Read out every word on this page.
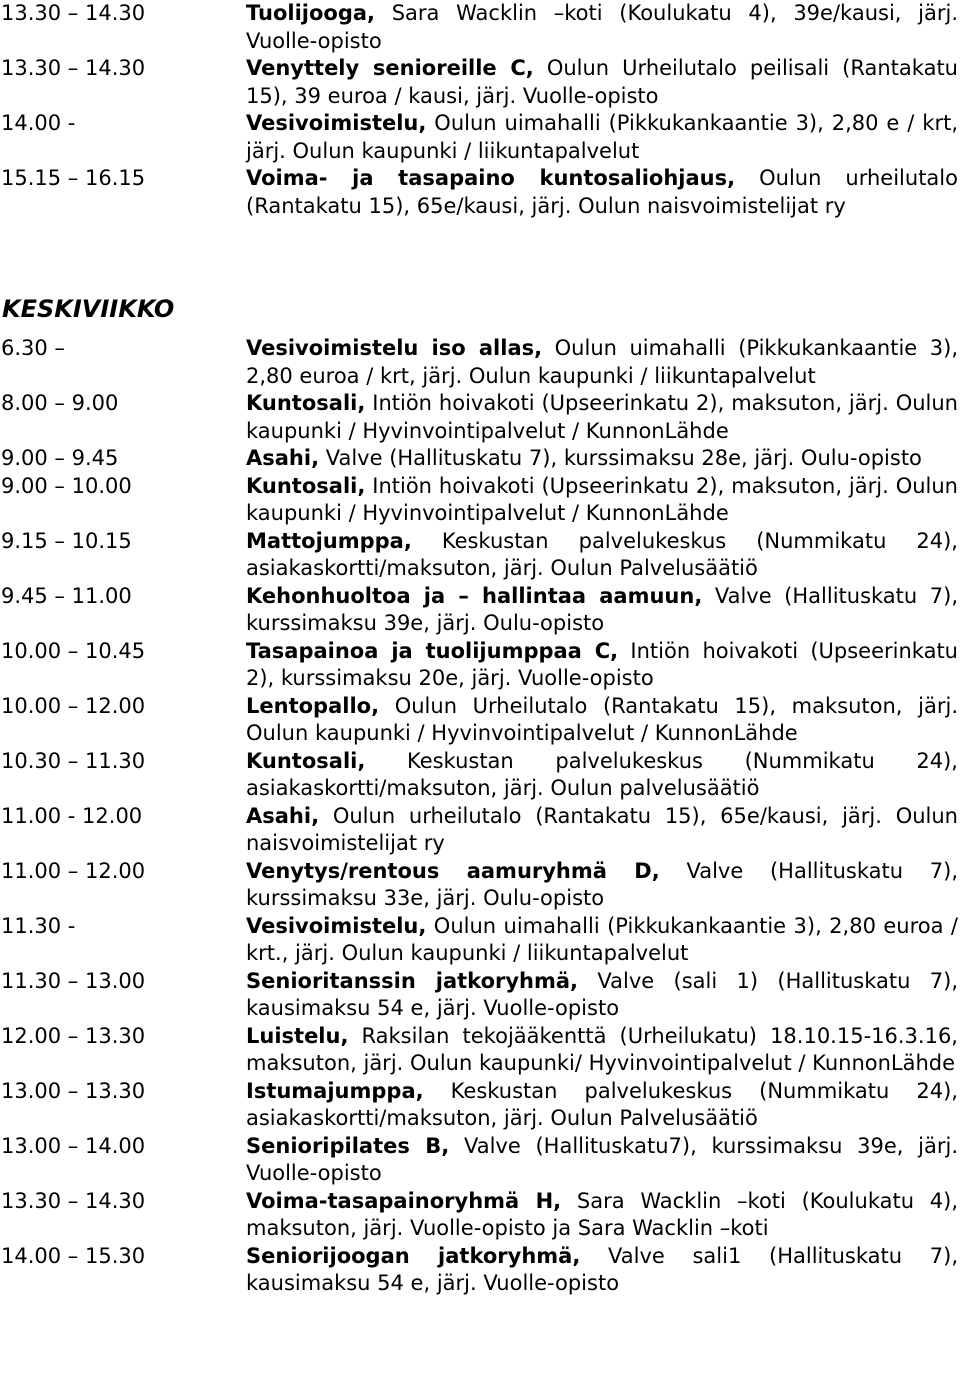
13.30 – 14.30	Tuolijooga, Sara Wacklin –koti (Koulukatu 4), 39e/kausi, järj. Vuolle-opisto
13.30 – 14.30	Venyttely senioreille C, Oulun Urheilutalo peilisali (Rantakatu 15), 39 euroa / kausi, järj. Vuolle-opisto
14.00 -	Vesivoimistelu, Oulun uimahalli (Pikkukankaantie 3), 2,80 e / krt, järj. Oulun kaupunki / liikuntapalvelut
15.15 – 16.15	Voima- ja tasapaino kuntosaliohjaus, Oulun urheilutalo (Rantakatu 15), 65e/kausi, järj. Oulun naisvoimistelijat ry
KESKIVIIKKO
6.30 –	Vesivoimistelu iso allas, Oulun uimahalli (Pikkukankaantie 3), 2,80 euroa / krt, järj. Oulun kaupunki / liikuntapalvelut
8.00 – 9.00	Kuntosali, Intiön hoivakoti (Upseerinkatu 2), maksuton, järj. Oulun kaupunki / Hyvinvointipalvelut / KunnonLähde
9.00 – 9.45	Asahi, Valve (Hallituskatu 7), kurssimaksu 28e, järj. Oulu-opisto
9.00 – 10.00	Kuntosali, Intiön hoivakoti (Upseerinkatu 2), maksuton, järj. Oulun kaupunki / Hyvinvointipalvelut / KunnonLähde
9.15 – 10.15	Mattojumppa, Keskustan palvelukeskus (Nummikatu 24), asiakaskortti/maksuton, järj. Oulun Palvelusäätiö
9.45 – 11.00	Kehonhuoltoa ja – hallintaa aamuun, Valve (Hallituskatu 7), kurssimaksu 39e, järj. Oulu-opisto
10.00 – 10.45	Tasapainoa ja tuolijumppaa C, Intiön hoivakoti (Upseerinkatu 2), kurssimaksu 20e, järj. Vuolle-opisto
10.00 – 12.00	Lentopallo, Oulun Urheilutalo (Rantakatu 15), maksuton, järj. Oulun kaupunki / Hyvinvointipalvelut / KunnonLähde
10.30 – 11.30	Kuntosali, Keskustan palvelukeskus (Nummikatu 24), asiakaskortti/maksuton, järj. Oulun palvelusäätiö
11.00 - 12.00	Asahi, Oulun urheilutalo (Rantakatu 15), 65e/kausi, järj. Oulun naisvoimistelijat ry
11.00 – 12.00	Venytys/rentous aamuryhmä D, Valve (Hallituskatu 7), kurssimaksu 33e, järj. Oulu-opisto
11.30 -	Vesivoimistelu, Oulun uimahalli (Pikkukankaantie 3), 2,80 euroa / krt., järj. Oulun kaupunki / liikuntapalvelut
11.30 – 13.00	Senioritanssin jatkoryhmä, Valve (sali 1) (Hallituskatu 7), kausimaksu 54 e, järj. Vuolle-opisto
12.00 – 13.30	Luistelu, Raksilan tekojääkenttä (Urheilukatu) 18.10.15-16.3.16, maksuton, järj. Oulun kaupunki/ Hyvinvointipalvelut / KunnonLähde
13.00 – 13.30	Istumajumppa, Keskustan palvelukeskus (Nummikatu 24), asiakaskortti/maksuton, järj. Oulun Palvelusäätiö
13.00 – 14.00	Senioripilates B, Valve (Hallituskatu7), kurssimaksu 39e, järj. Vuolle-opisto
13.30 – 14.30	Voima-tasapainoryhmä H, Sara Wacklin –koti (Koulukatu 4), maksuton, järj. Vuolle-opisto ja Sara Wacklin –koti
14.00 – 15.30	Seniorijoogan jatkoryhmä, Valve sali1 (Hallituskatu 7), kausimaksu 54 e, järj. Vuolle-opisto
